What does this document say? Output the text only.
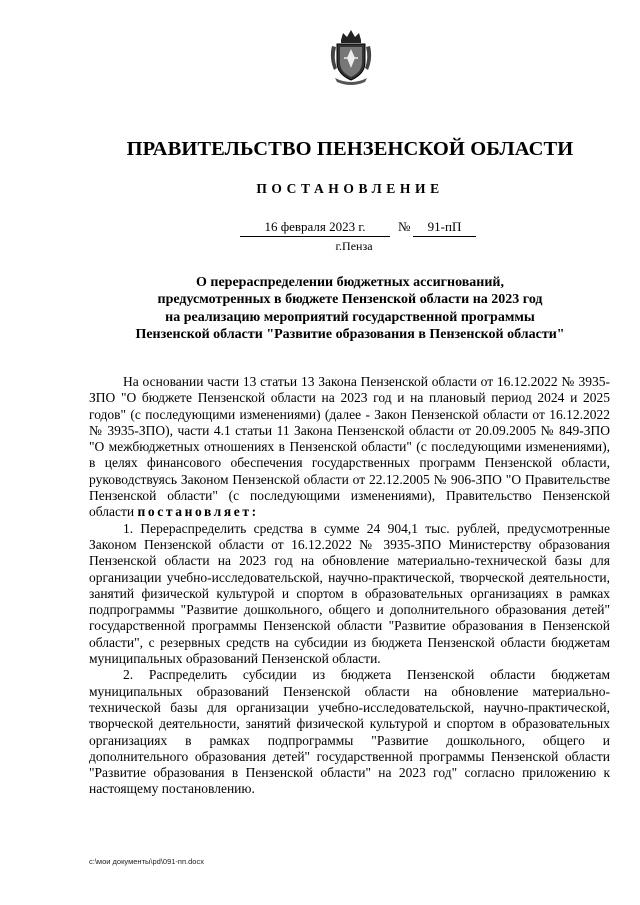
ПРАВИТЕЛЬСТВО ПЕНЗЕНСКОЙ ОБЛАСТИ
ПОСТАНОВЛЕНИЕ
16 февраля 2023 г.	№	91-пП
г.Пенза
О перераспределении бюджетных ассигнований,
предусмотренных в бюджете Пензенской области на 2023 год
на реализацию мероприятий государственной программы
Пензенской области "Развитие образования в Пензенской области"

На основании части 13 статьи 13 Закона Пензенской области от 16.12.2022 № 3935-ЗПО "О бюджете Пензенской области на 2023 год и на плановый период 2024 и 2025 годов" (с последующими изменениями) (далее - Закон Пензенской области от 16.12.2022 № 3935-ЗПО), части 4.1 статьи 11 Закона Пензенской области от 20.09.2005 № 849-ЗПО "О межбюджетных отношениях в Пензенской области" (с последующими изменениями), в целях финансового обеспечения государственных программ Пензенской области, руководствуясь Законом Пензенской области от 22.12.2005 № 906-ЗПО "О Правительстве Пензенской области" (с последующими изменениями), Правительство Пензенской области постановляет:

1. Перераспределить средства в сумме 24 904,1 тыс. рублей, предусмотренные Законом Пензенской области от 16.12.2022 № 3935-ЗПО Министерству образования Пензенской области на 2023 год на обновление материально-технической базы для организации учебно-исследовательской, научно-практической, творческой деятельности, занятий физической культурой и спортом в образовательных организациях в рамках подпрограммы "Развитие дошкольного, общего и дополнительного образования детей" государственной программы Пензенской области "Развитие образования в Пензенской области", с резервных средств на субсидии из бюджета Пензенской области бюджетам муниципальных образований Пензенской области.

2. Распределить субсидии из бюджета Пензенской области бюджетам муниципальных образований Пензенской области на обновление материально-технической базы для организации учебно-исследовательской, научно-практической, творческой деятельности, занятий физической культурой и спортом в образовательных организациях в рамках подпрограммы "Развитие дошкольного, общего и дополнительного образования детей" государственной программы Пензенской области "Развитие образования в Пензенской области" на 2023 год" согласно приложению к настоящему постановлению.

c:\мои документы\pd\091-пп.docx
